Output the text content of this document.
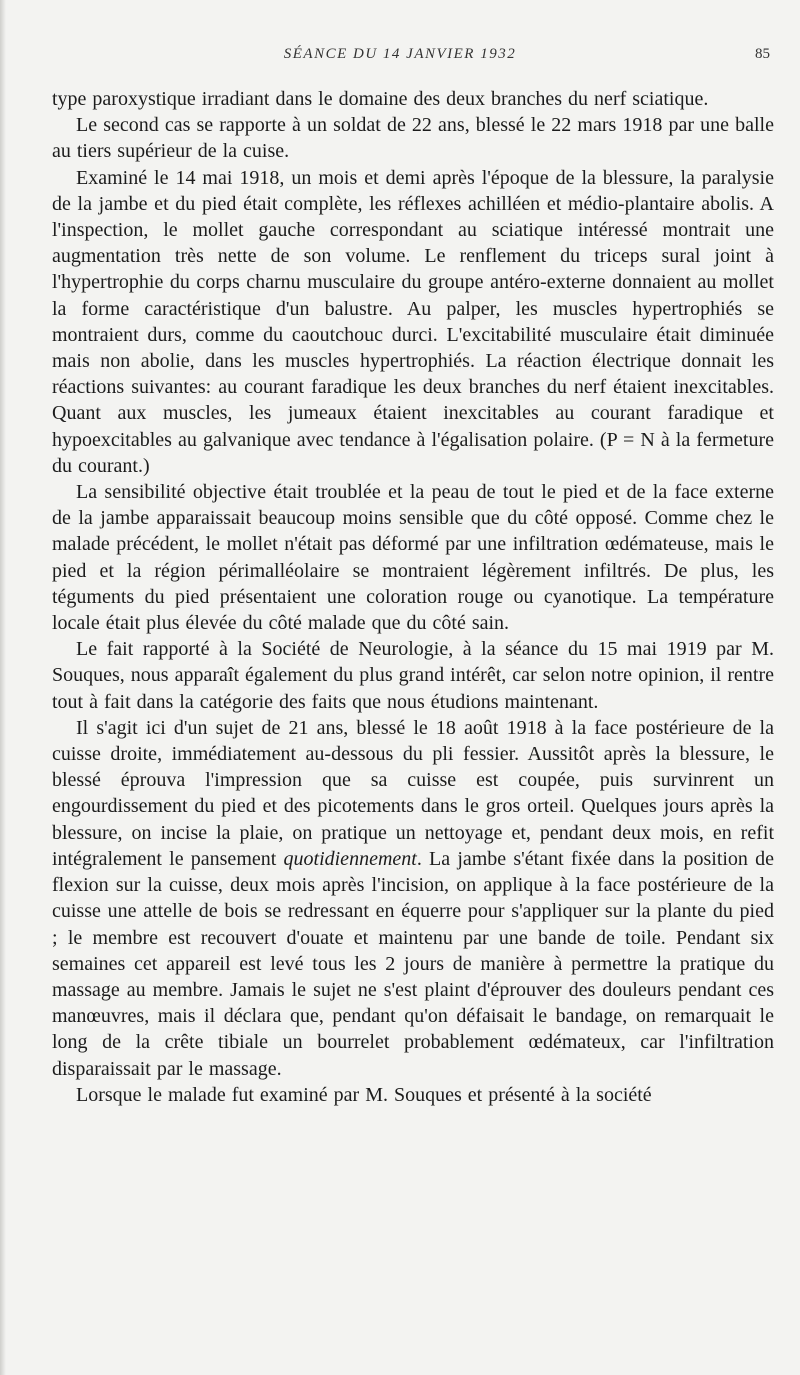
SÉANCE DU 14 JANVIER 1932	85

type paroxystique irradiant dans le domaine des deux branches du nerf sciatique.

Le second cas se rapporte à un soldat de 22 ans, blessé le 22 mars 1918 par une balle au tiers supérieur de la cuise.

Examiné le 14 mai 1918, un mois et demi après l'époque de la blessure, la paralysie de la jambe et du pied était complète, les réflexes achilléen et médio-plantaire abolis. A l'inspection, le mollet gauche correspondant au sciatique intéressé montrait une augmentation très nette de son volume. Le renflement du triceps sural joint à l'hypertrophie du corps charnu musculaire du groupe antéro-externe donnaient au mollet la forme caractéristique d'un balustre. Au palper, les muscles hypertrophiés se montraient durs, comme du caoutchouc durci. L'excitabilité musculaire était diminuée mais non abolie, dans les muscles hypertrophiés. La réaction électrique donnait les réactions suivantes: au courant faradique les deux branches du nerf étaient inexcitables. Quant aux muscles, les jumeaux étaient inexcitables au courant faradique et hypoexcitables au galvanique avec tendance à l'égalisation polaire. (P = N à la fermeture du courant.)

La sensibilité objective était troublée et la peau de tout le pied et de la face externe de la jambe apparaissait beaucoup moins sensible que du côté opposé. Comme chez le malade précédent, le mollet n'était pas déformé par une infiltration œdémateuse, mais le pied et la région périmalléolaire se montraient légèrement infiltrés. De plus, les téguments du pied présentaient une coloration rouge ou cyanotique. La température locale était plus élevée du côté malade que du côté sain.

Le fait rapporté à la Société de Neurologie, à la séance du 15 mai 1919 par M. Souques, nous apparaît également du plus grand intérêt, car selon notre opinion, il rentre tout à fait dans la catégorie des faits que nous étudions maintenant.

Il s'agit ici d'un sujet de 21 ans, blessé le 18 août 1918 à la face postérieure de la cuisse droite, immédiatement au-dessous du pli fessier. Aussitôt après la blessure, le blessé éprouva l'impression que sa cuisse est coupée, puis survinrent un engourdissement du pied et des picotements dans le gros orteil. Quelques jours après la blessure, on incise la plaie, on pratique un nettoyage et, pendant deux mois, en refit intégralement le pansement quotidiennement. La jambe s'étant fixée dans la position de flexion sur la cuisse, deux mois après l'incision, on applique à la face postérieure de la cuisse une attelle de bois se redressant en équerre pour s'appliquer sur la plante du pied ; le membre est recouvert d'ouate et maintenu par une bande de toile. Pendant six semaines cet appareil est levé tous les 2 jours de manière à permettre la pratique du massage au membre. Jamais le sujet ne s'est plaint d'éprouver des douleurs pendant ces manœuvres, mais il déclara que, pendant qu'on défaisait le bandage, on remarquait le long de la crête tibiale un bourrelet probablement œdémateux, car l'infiltration disparaissait par le massage.

Lorsque le malade fut examiné par M. Souques et présenté à la société
